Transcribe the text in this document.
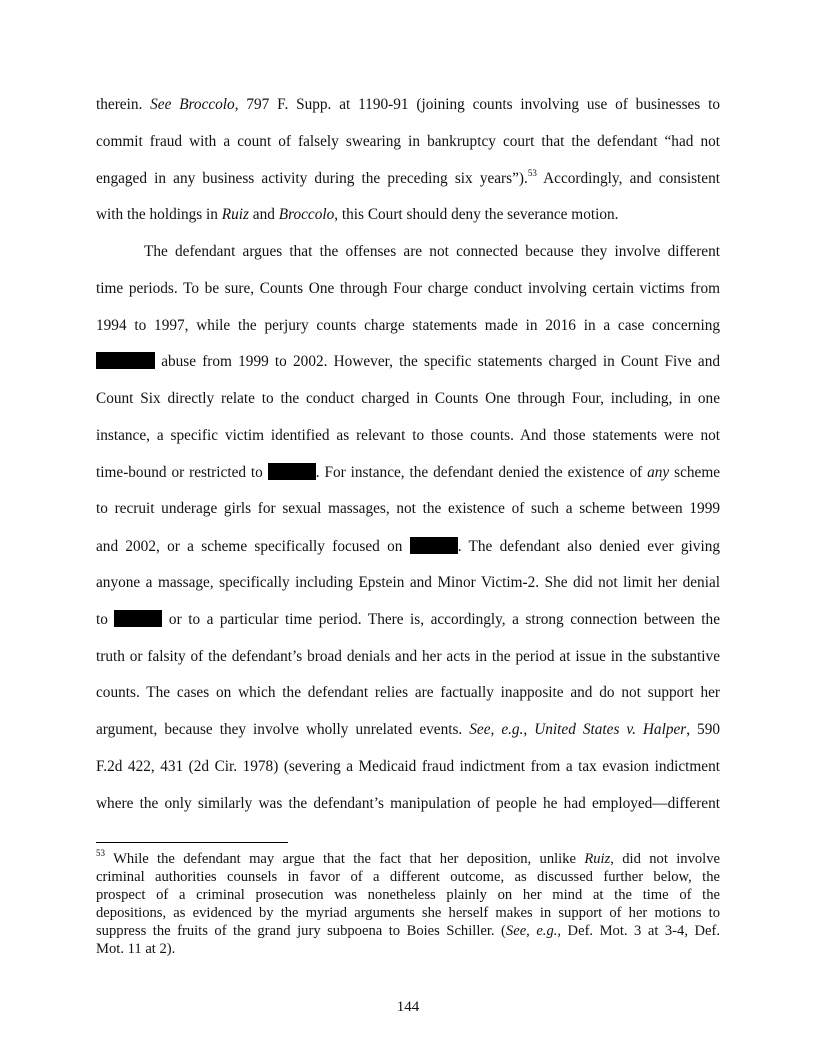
therein. See Broccolo, 797 F. Supp. at 1190-91 (joining counts involving use of businesses to
commit fraud with a count of falsely swearing in bankruptcy court that the defendant “had not
engaged in any business activity during the preceding six years”).$^{53}$ Accordingly, and consistent
with the holdings in Ruiz and Broccolo, this Court should deny the severance motion.
The defendant argues that the offenses are not connected because they involve different
time periods. To be sure, Counts One through Four charge conduct involving certain victims from
1994 to 1997, while the perjury counts charge statements made in 2016 in a case concerning
abuse from 1999 to 2002. However, the specific statements charged in Count Five and
Count Six directly relate to the conduct charged in Counts One through Four, including, in one
instance, a specific victim identified as relevant to those counts. And those statements were not
time-bound or restricted to	. For instance, the defendant denied the existence of any scheme
to recruit underage girls for sexual massages, not the existence of such a scheme between 1999
and 2002, or a scheme specifically focused on	. The defendant also denied ever giving
anyone a massage, specifically including Epstein and Minor Victim-2. She did not limit her denial
to	or to a particular time period. There is, accordingly, a strong connection between the
truth or falsity of the defendant’s broad denials and her acts in the period at issue in the substantive
counts. The cases on which the defendant relies are factually inapposite and do not support her
argument, because they involve wholly unrelated events. See, e.g., United States v. Halper, 590
F.2d 422, 431 (2d Cir. 1978) (severing a Medicaid fraud indictment from a tax evasion indictment
where the only similarly was the defendant’s manipulation of people he had employed—different
$^{53}$ While the defendant may argue that the fact that her deposition, unlike Ruiz, did not involve
criminal authorities counsels in favor of a different outcome, as discussed further below, the
prospect of a criminal prosecution was nonetheless plainly on her mind at the time of the
depositions, as evidenced by the myriad arguments she herself makes in support of her motions to
suppress the fruits of the grand jury subpoena to Boies Schiller. (See, e.g., Def. Mot. 3 at 3-4, Def.
Mot. 11 at 2).
144
